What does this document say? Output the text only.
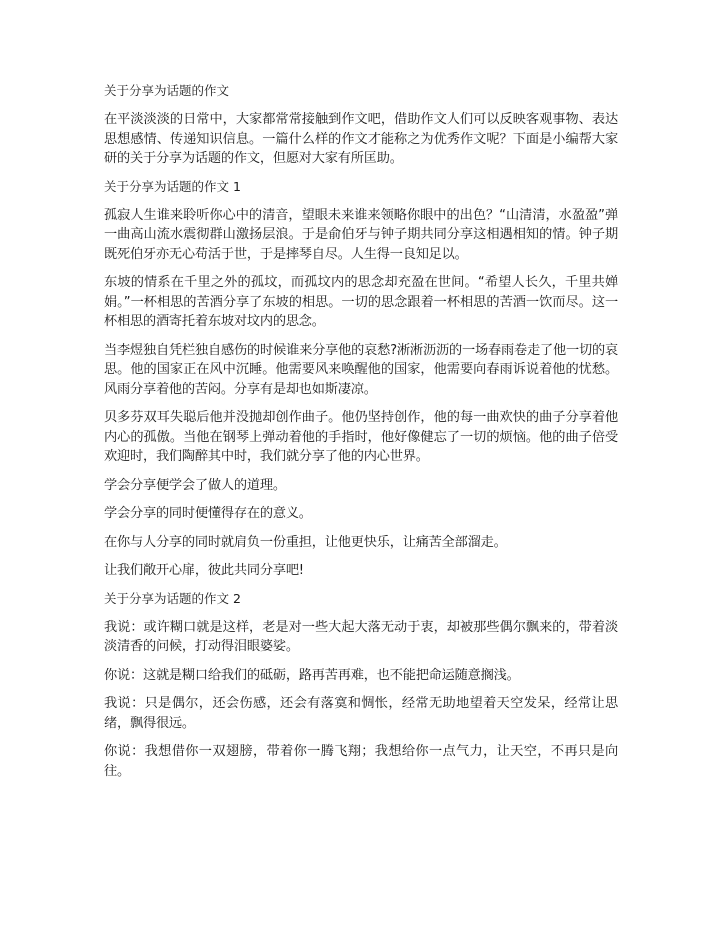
关于分享为话题的作文

在平淡淡淡的日常中，大家都常常接触到作文吧，借助作文人们可以反映客观事物、表达思想感情、传递知识信息。一篇什么样的作文才能称之为优秀作文呢？下面是小编帮大家研的关于分享为话题的作文，但愿对大家有所匡助。

关于分享为话题的作文 1

孤寂人生谁来聆听你心中的清音，望眼未来谁来领略你眼中的出色？“山清清，水盈盈”弹一曲高山流水震彻群山激扬层浪。于是俞伯牙与钟子期共同分享这相遇相知的情。钟子期既死伯牙亦无心苟活于世，于是摔琴自尽。人生得一良知足以。

东坡的情系在千里之外的孤坟，而孤坟内的思念却充盈在世间。“希望人长久，千里共婵娟。”一杯相思的苦酒分享了东坡的相思。一切的思念跟着一杯相思的苦酒一饮而尽。这一杯相思的酒寄托着东坡对坟内的思念。

当李煜独自凭栏独自感伤的时候谁来分享他的哀愁?淅淅沥沥的一场春雨卷走了他一切的哀思。他的国家正在风中沉睡。他需要风来唤醒他的国家，他需要向春雨诉说着他的忧愁。风雨分享着他的苦闷。分享有是却也如斯凄凉。

贝多芬双耳失聪后他并没抛却创作曲子。他仍坚持创作，他的每一曲欢快的曲子分享着他内心的孤傲。当他在钢琴上弹动着他的手指时，他好像健忘了一切的烦恼。他的曲子倍受欢迎时，我们陶醉其中时，我们就分享了他的内心世界。

学会分享便学会了做人的道理。

学会分享的同时便懂得存在的意义。

在你与人分享的同时就肩负一份重担，让他更快乐，让痛苦全部溜走。

让我们敞开心扉，彼此共同分享吧!

关于分享为话题的作文 2

我说：或许糊口就是这样，老是对一些大起大落无动于衷，却被那些偶尔飘来的，带着淡淡清香的问候，打动得泪眼婆娑。

你说：这就是糊口给我们的砥砺，路再苦再难，也不能把命运随意搁浅。

我说：只是偶尔，还会伤感，还会有落寞和惆怅，经常无助地望着天空发呆，经常让思绪，飘得很远。

你说：我想借你一双翅膀，带着你一腾飞翔；我想给你一点气力，让天空，不再只是向往。
